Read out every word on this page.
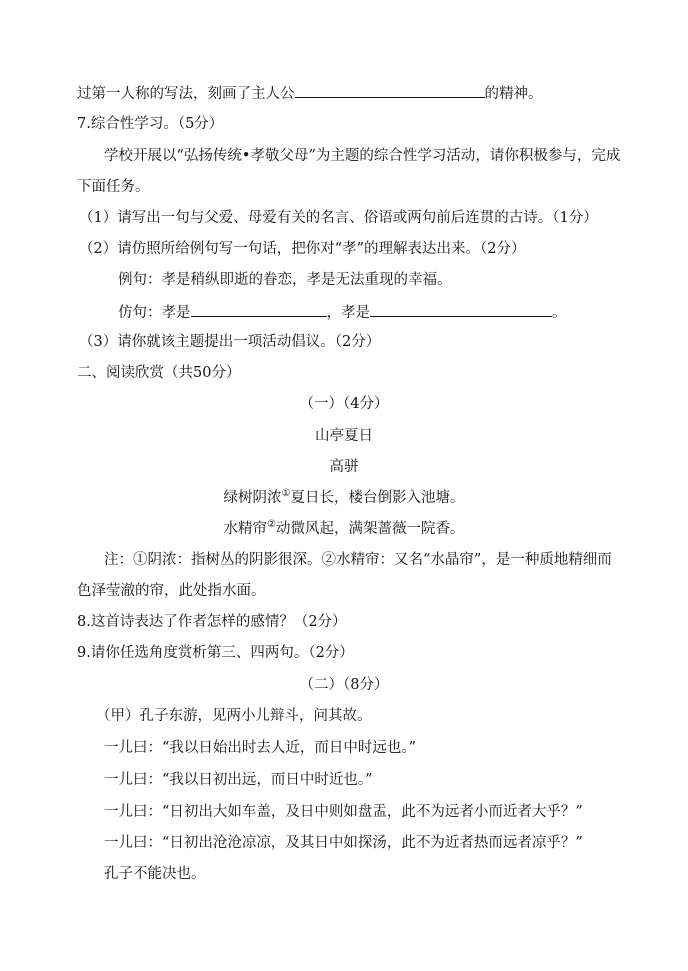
过第一人称的写法，刻画了主人公	的精神。
7.综合性学习。（5分）
学校开展以“弘扬传统•孝敬父母”为主题的综合性学习活动，请你积极参与，完成
下面任务。
（1）请写出一句与父爱、母爱有关的名言、俗语或两句前后连贯的古诗。（1分）
（2）请仿照所给例句写一句话，把你对“孝”的理解表达出来。（2分）
例句：孝是稍纵即逝的眷恋，孝是无法重现的幸福。
仿句：孝是	，孝是	。
（3）请你就该主题提出一项活动倡议。（2分）
二、阅读欣赏（共50分）
（一）（4分）
山亭夏日
高骈
绿树阴浓①夏日长，楼台倒影入池塘。
水精帘②动微风起，满架蔷薇一院香。
注：①阴浓：指树丛的阴影很深。②水精帘：又名“水晶帘”，是一种质地精细而
色泽莹澈的帘，此处指水面。
8.这首诗表达了作者怎样的感情？（2分）
9.请你任选角度赏析第三、四两句。（2分）
（二）（8分）
（甲）孔子东游，见两小儿辩斗，问其故。
一儿曰：“我以日始出时去人近，而日中时远也。”
一儿曰：“我以日初出远，而日中时近也。”
一儿曰：“日初出大如车盖，及日中则如盘盂，此不为远者小而近者大乎？”
一儿曰：“日初出沧沧凉凉，及其日中如探汤，此不为近者热而远者凉乎？”
孔子不能决也。
